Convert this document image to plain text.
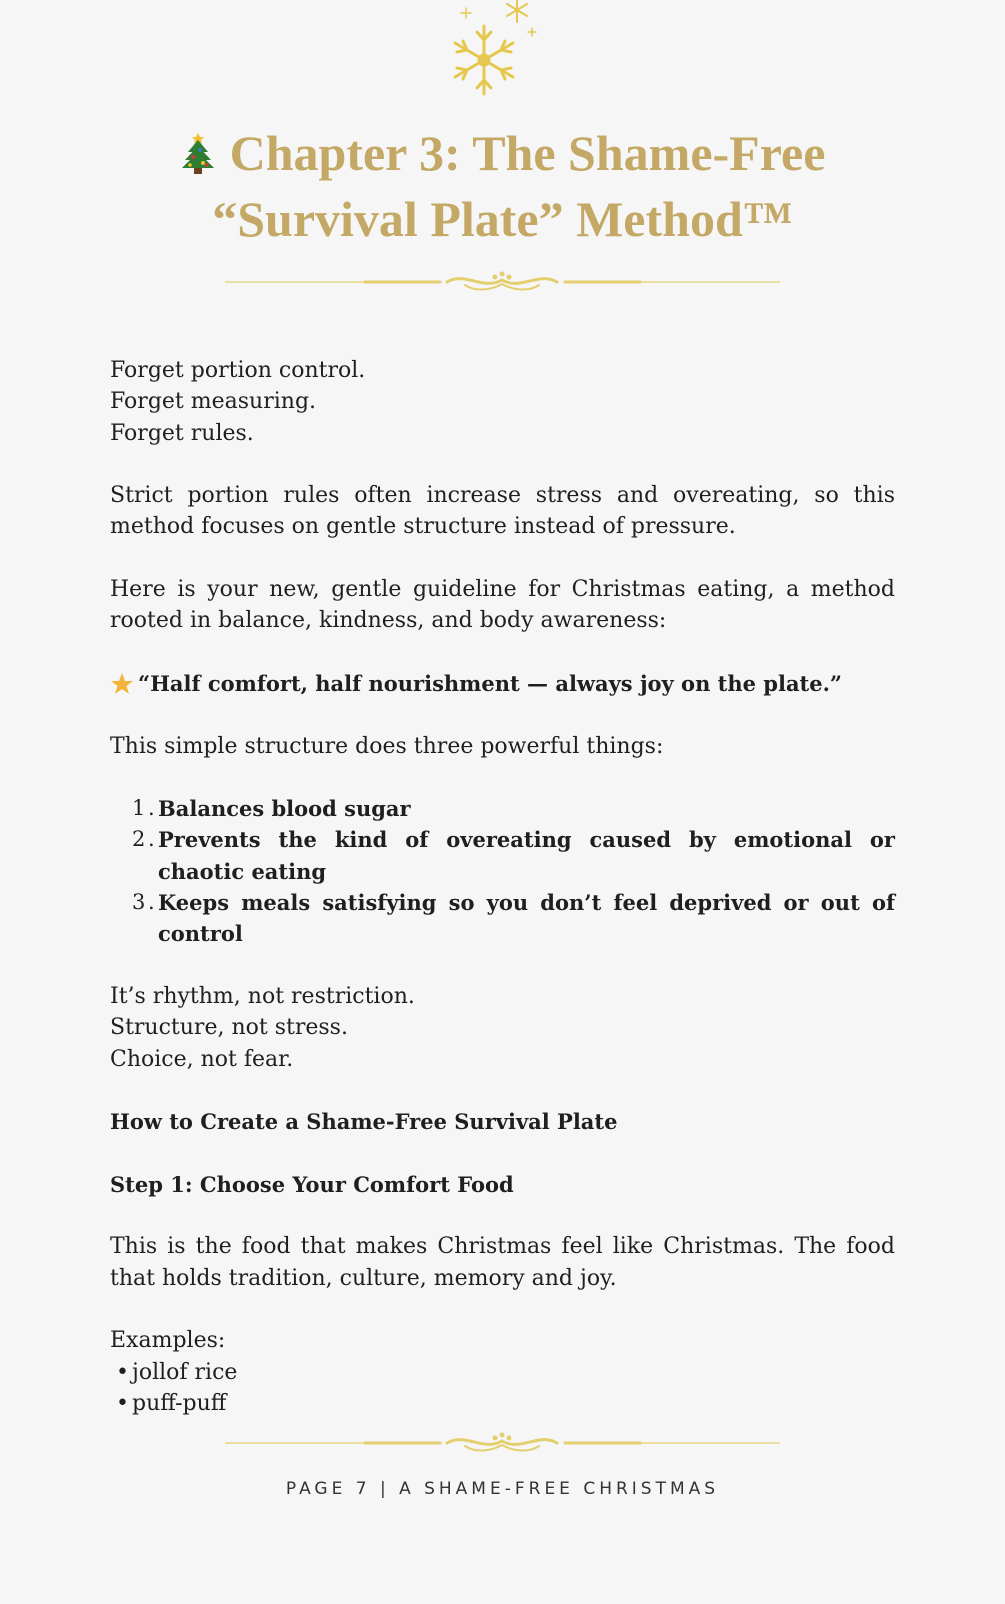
Chapter 3: The Shame-Free
“Survival Plate” Method™

Forget portion control.

Forget measuring.

Forget rules.

Strict portion rules often increase stress and overeating, so this method focuses on gentle structure instead of pressure.

Here is your new, gentle guideline for Christmas eating, a method rooted in balance, kindness, and body awareness:

“Half comfort, half nourishment — always joy on the plate.”

This simple structure does three powerful things:

1 . Balances blood sugar
2 . Prevents the kind of overeating caused by emotional or chaotic eating
3 . Keeps meals satisfying so you don’t feel deprived or out of control

It’s rhythm, not restriction.

Structure, not stress.

Choice, not fear.

How to Create a Shame-Free Survival Plate

Step 1: Choose Your Comfort Food

This is the food that makes Christmas feel like Christmas. The food that holds tradition, culture, memory and joy.

Examples:

• jollof rice
• puff-puff
PAGE 7 | A SHAME-FREE CHRISTMAS
